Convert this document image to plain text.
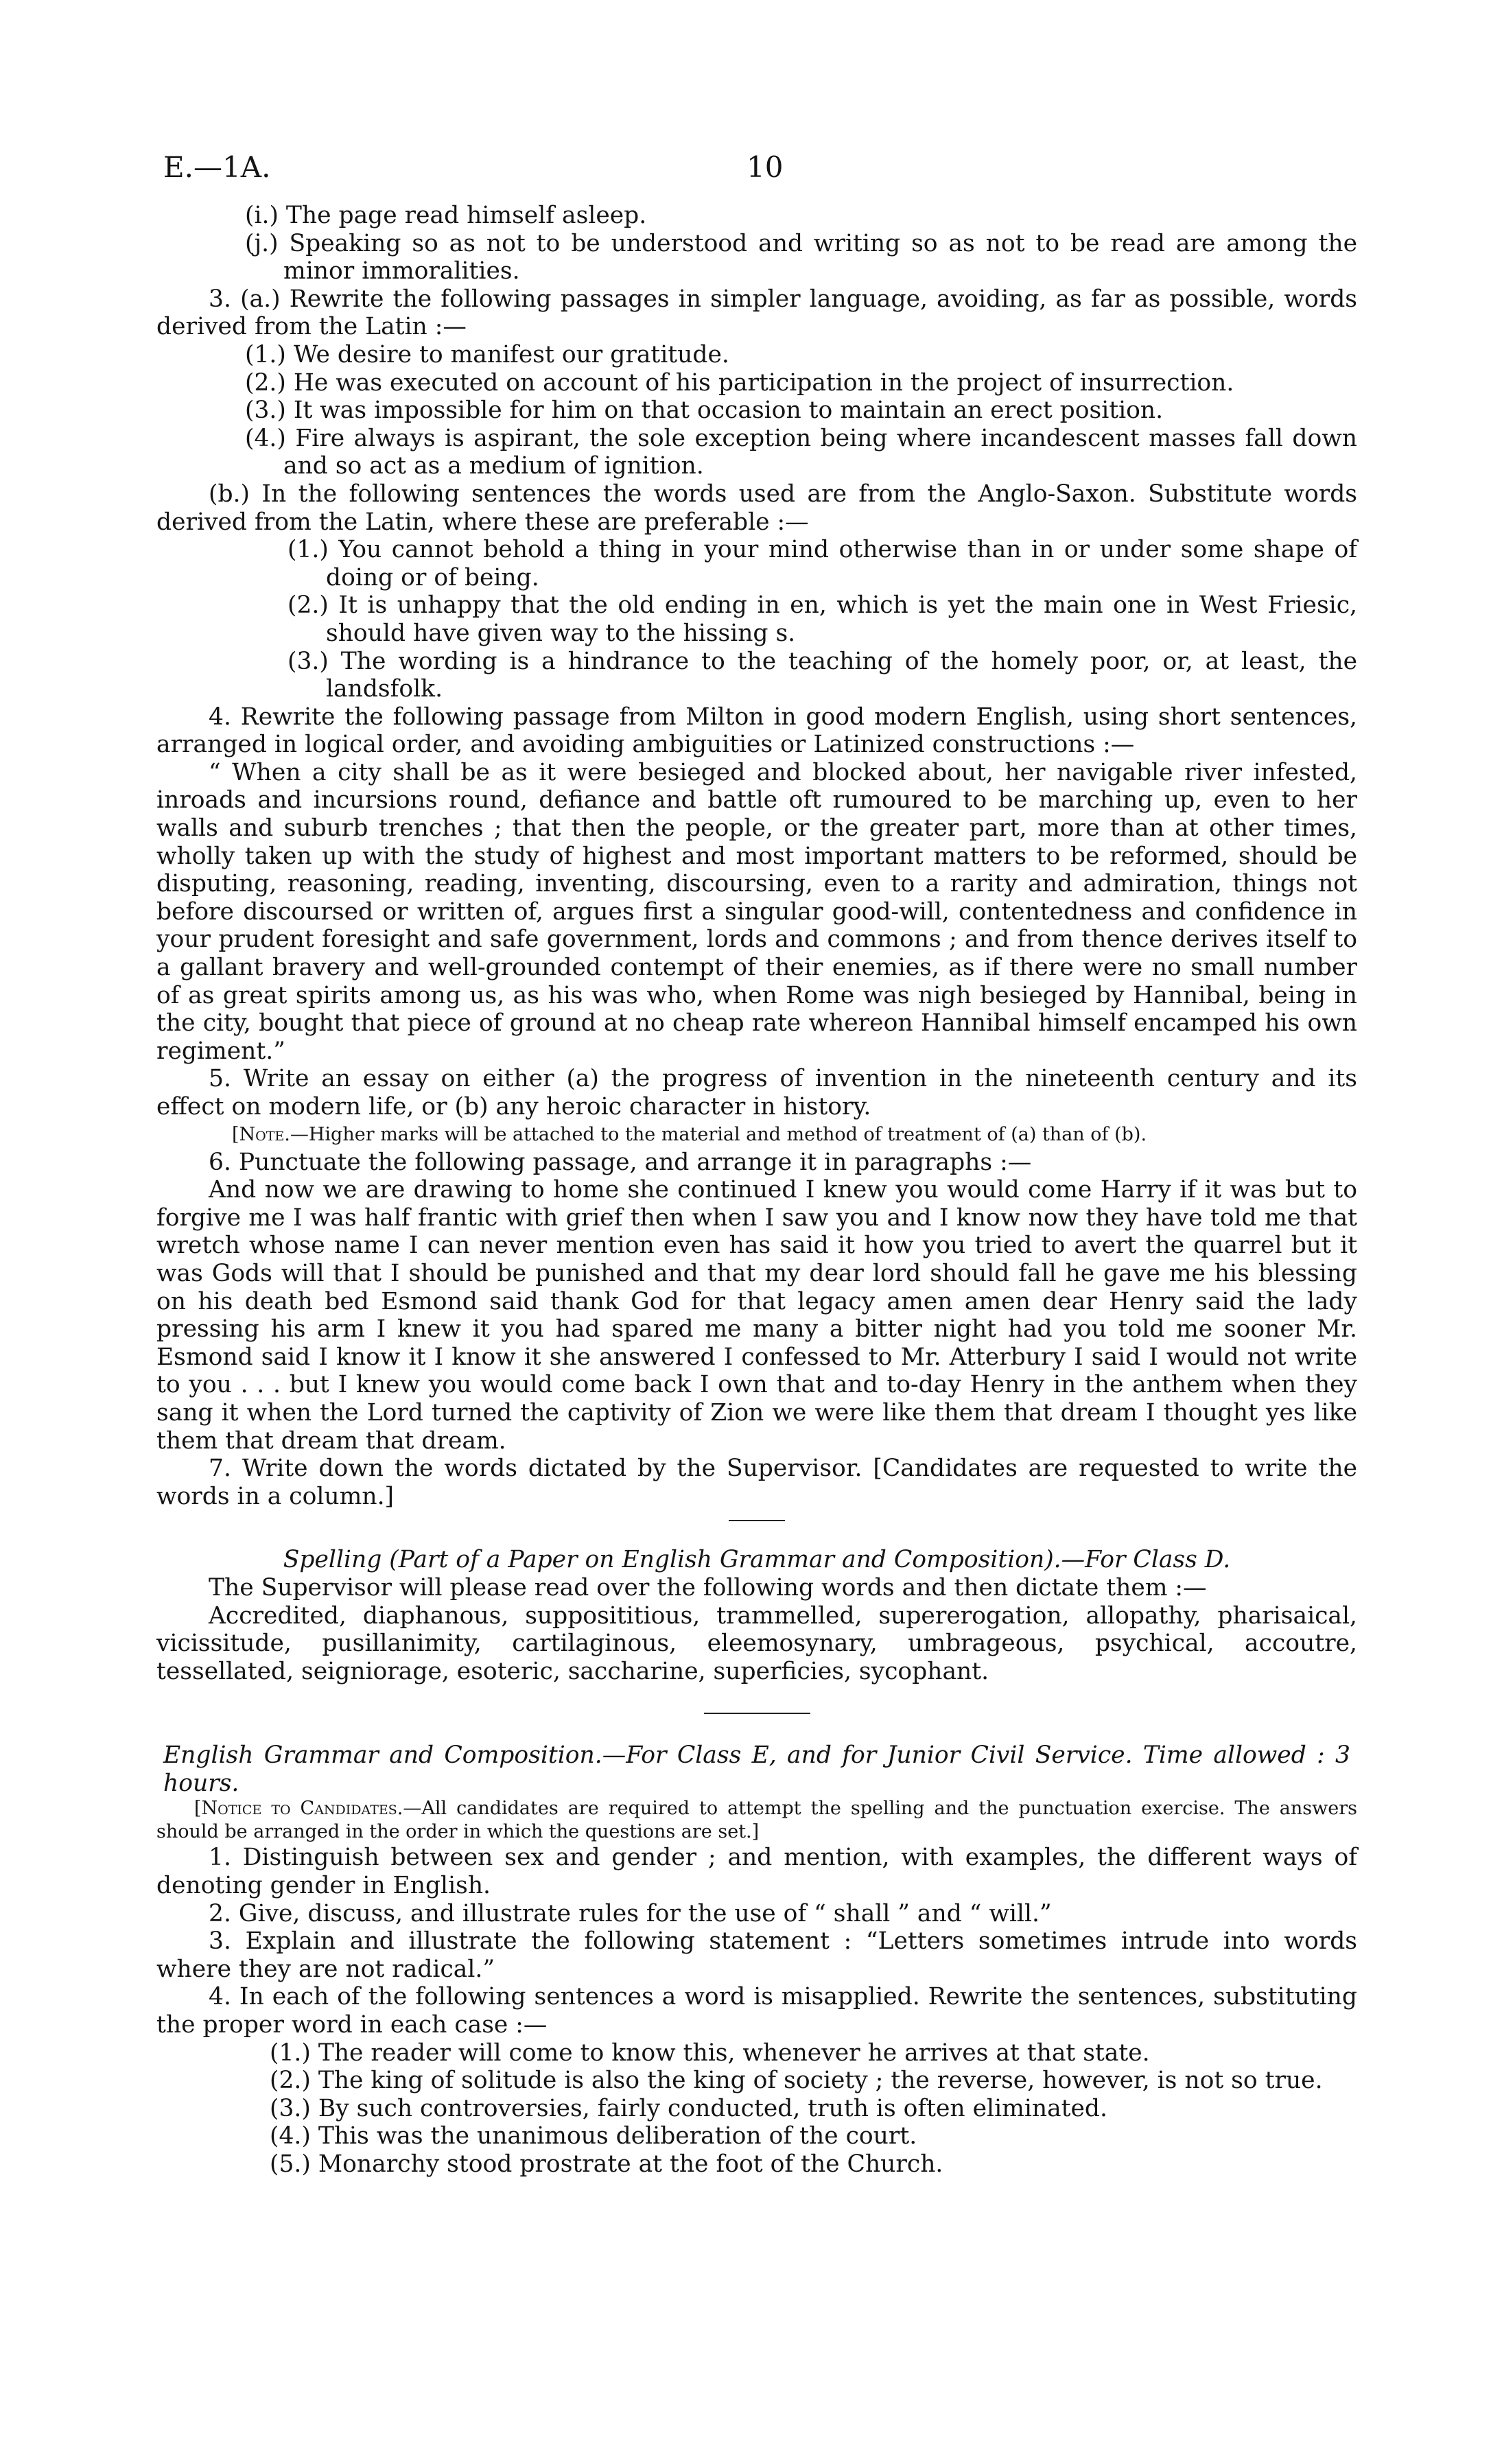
E.—1A.	10

(i.) The page read himself asleep.

(j.) Speaking so as not to be understood and writing so as not to be read are among the minor immoralities.

3. (a.) Rewrite the following passages in simpler language, avoiding, as far as possible, words derived from the Latin :—

(1.) We desire to manifest our gratitude.

(2.) He was executed on account of his participation in the project of insurrection.

(3.) It was impossible for him on that occasion to maintain an erect position.

(4.) Fire always is aspirant, the sole exception being where incandescent masses fall down and so act as a medium of ignition.

(b.) In the following sentences the words used are from the Anglo-Saxon. Substitute words derived from the Latin, where these are preferable :—

(1.) You cannot behold a thing in your mind otherwise than in or under some shape of doing or of being.

(2.) It is unhappy that the old ending in en, which is yet the main one in West Friesic, should have given way to the hissing s.

(3.) The wording is a hindrance to the teaching of the homely poor, or, at least, the landsfolk.

4. Rewrite the following passage from Milton in good modern English, using short sentences, arranged in logical order, and avoiding ambiguities or Latinized constructions :—

“ When a city shall be as it were besieged and blocked about, her navigable river infested, inroads and incursions round, defiance and battle oft rumoured to be marching up, even to her walls and suburb trenches ; that then the people, or the greater part, more than at other times, wholly taken up with the study of highest and most important matters to be reformed, should be disputing, reasoning, reading, inventing, discoursing, even to a rarity and admiration, things not before discoursed or written of, argues first a singular good-will, contentedness and confidence in your prudent foresight and safe government, lords and commons ; and from thence derives itself to a gallant bravery and well-grounded contempt of their enemies, as if there were no small number of as great spirits among us, as his was who, when Rome was nigh besieged by Hannibal, being in the city, bought that piece of ground at no cheap rate whereon Hannibal himself encamped his own regiment.”

5. Write an essay on either (a) the progress of invention in the nineteenth century and its effect on modern life, or (b) any heroic character in history.

[Note.—Higher marks will be attached to the material and method of treatment of (a) than of (b).

6. Punctuate the following passage, and arrange it in paragraphs :—

And now we are drawing to home she continued I knew you would come Harry if it was but to forgive me I was half frantic with grief then when I saw you and I know now they have told me that wretch whose name I can never mention even has said it how you tried to avert the quarrel but it was Gods will that I should be punished and that my dear lord should fall he gave me his blessing on his death bed Esmond said thank God for that legacy amen amen dear Henry said the lady pressing his arm I knew it you had spared me many a bitter night had you told me sooner Mr. Esmond said I know it I know it she answered I confessed to Mr. Atterbury I said I would not write to you . . . but I knew you would come back I own that and to-day Henry in the anthem when they sang it when the Lord turned the captivity of Zion we were like them that dream I thought yes like them that dream that dream.

7. Write down the words dictated by the Supervisor. [Candidates are requested to write the words in a column.]

Spelling (Part of a Paper on English Grammar and Composition).—For Class D.

The Supervisor will please read over the following words and then dictate them :—

Accredited, diaphanous, supposititious, trammelled, supererogation, allopathy, pharisaical, vicissitude, pusillanimity, cartilaginous, eleemosynary, umbrageous, psychical, accoutre, tessellated, seigniorage, esoteric, saccharine, superficies, sycophant.

English Grammar and Composition.—For Class E, and for Junior Civil Service. Time allowed : 3 hours.

[Notice to Candidates.—All candidates are required to attempt the spelling and the punctuation exercise. The answers should be arranged in the order in which the questions are set.]

1. Distinguish between sex and gender ; and mention, with examples, the different ways of denoting gender in English.

2. Give, discuss, and illustrate rules for the use of “ shall ” and “ will.”

3. Explain and illustrate the following statement : “Letters sometimes intrude into words where they are not radical.”

4. In each of the following sentences a word is misapplied. Rewrite the sentences, substituting the proper word in each case :—

(1.) The reader will come to know this, whenever he arrives at that state.

(2.) The king of solitude is also the king of society ; the reverse, however, is not so true.

(3.) By such controversies, fairly conducted, truth is often eliminated.

(4.) This was the unanimous deliberation of the court.

(5.) Monarchy stood prostrate at the foot of the Church.
